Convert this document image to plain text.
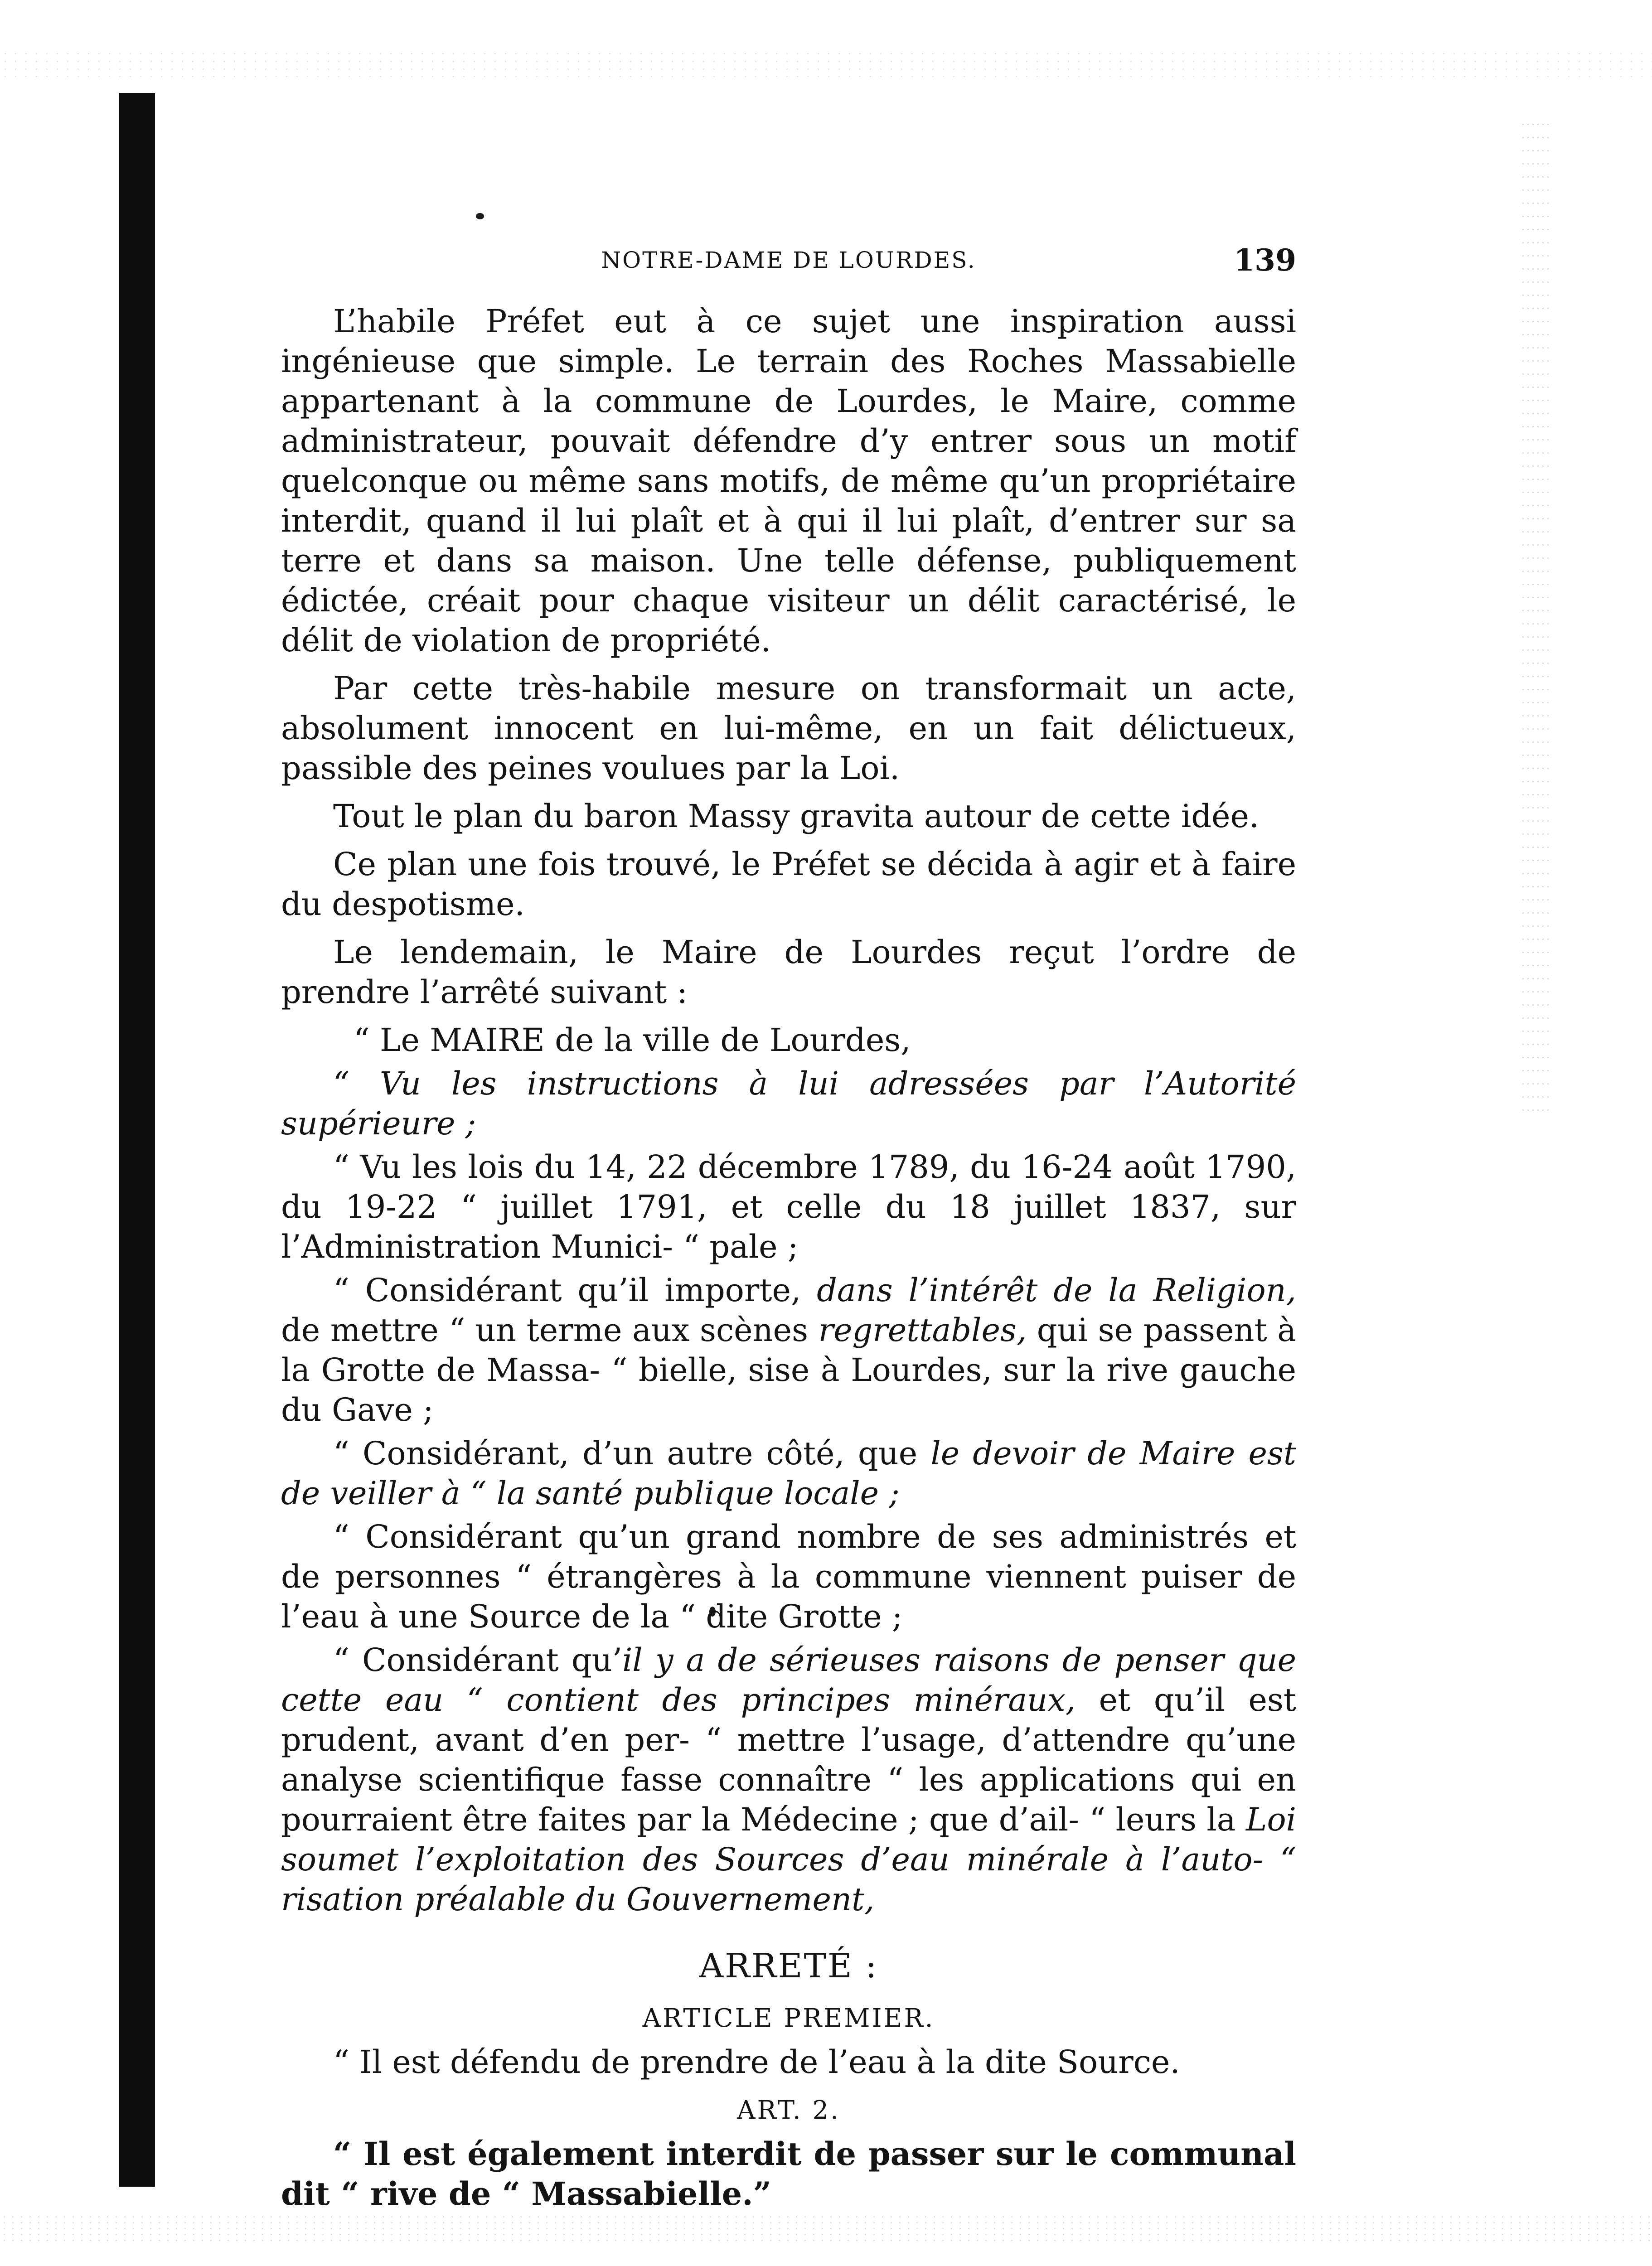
NOTRE-DAME DE LOURDES.	139

L’habile Préfet eut à ce sujet une inspiration aussi ingénieuse que simple. Le terrain des Roches Massabielle appartenant à la commune de Lourdes, le Maire, comme administrateur, pouvait défendre d’y entrer sous un motif quelconque ou même sans motifs, de même qu’un propriétaire interdit, quand il lui plaît et à qui il lui plaît, d’entrer sur sa terre et dans sa maison. Une telle défense, publiquement édictée, créait pour chaque visiteur un délit caractérisé, le délit de violation de propriété.

Par cette très-habile mesure on transformait un acte, absolument innocent en lui-même, en un fait délictueux, passible des peines voulues par la Loi.

Tout le plan du baron Massy gravita autour de cette idée.

Ce plan une fois trouvé, le Préfet se décida à agir et à faire du despotisme.

Le lendemain, le Maire de Lourdes reçut l’ordre de prendre l’arrêté suivant :

“ Le MAIRE de la ville de Lourdes,

“ Vu les instructions à lui adressées par l’Autorité supérieure ;

“ Vu les lois du 14, 22 décembre 1789, du 16-24 août 1790, du 19-22 “ juillet 1791, et celle du 18 juillet 1837, sur l’Administration Munici- “ pale ;

“ Considérant qu’il importe, dans l’intérêt de la Religion, de mettre “ un terme aux scènes regrettables, qui se passent à la Grotte de Massa- “ bielle, sise à Lourdes, sur la rive gauche du Gave ;

“ Considérant, d’un autre côté, que le devoir de Maire est de veiller à “ la santé publique locale ;

“ Considérant qu’un grand nombre de ses administrés et de personnes “ étrangères à la commune viennent puiser de l’eau à une Source de la “ dite Grotte ;

“ Considérant qu’il y a de sérieuses raisons de penser que cette eau “ contient des principes minéraux, et qu’il est prudent, avant d’en per- “ mettre l’usage, d’attendre qu’une analyse scientifique fasse connaître “ les applications qui en pourraient être faites par la Médecine ; que d’ail- “ leurs la Loi soumet l’exploitation des Sources d’eau minérale à l’auto- “ risation préalable du Gouvernement,

ARRETÉ :
ARTICLE PREMIER.

“ Il est défendu de prendre de l’eau à la dite Source.

ART. 2.

“ Il est également interdit de passer sur le communal dit “ rive de “ Massabielle.”
